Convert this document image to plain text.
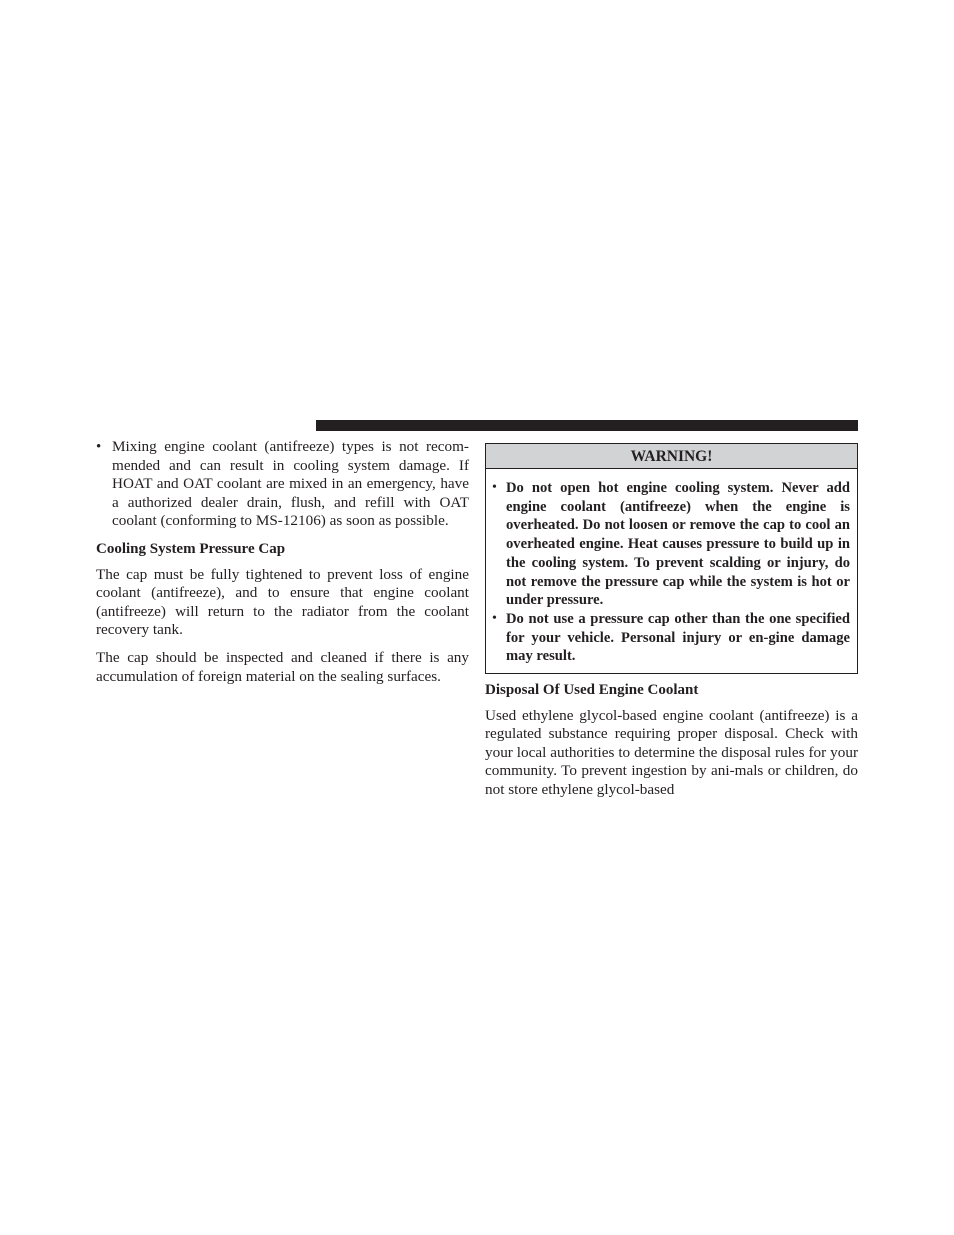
• Mixing engine coolant (antifreeze) types is not recom-mended and can result in cooling system damage. If HOAT and OAT coolant are mixed in an emergency, have a authorized dealer drain, flush, and refill with OAT coolant (conforming to MS-12106) as soon as possible.

Cooling System Pressure Cap

The cap must be fully tightened to prevent loss of engine coolant (antifreeze), and to ensure that engine coolant (antifreeze) will return to the radiator from the coolant recovery tank.

The cap should be inspected and cleaned if there is any accumulation of foreign material on the sealing surfaces.

WARNING!
• Do not open hot engine cooling system. Never add engine coolant (antifreeze) when the engine is overheated. Do not loosen or remove the cap to cool an overheated engine. Heat causes pressure to build up in the cooling system. To prevent scalding or injury, do not remove the pressure cap while the system is hot or under pressure.

• Do not use a pressure cap other than the one specified for your vehicle. Personal injury or en-gine damage may result.

Disposal Of Used Engine Coolant

Used ethylene glycol-based engine coolant (antifreeze) is a regulated substance requiring proper disposal. Check with your local authorities to determine the disposal rules for your community. To prevent ingestion by ani-mals or children, do not store ethylene glycol-based
